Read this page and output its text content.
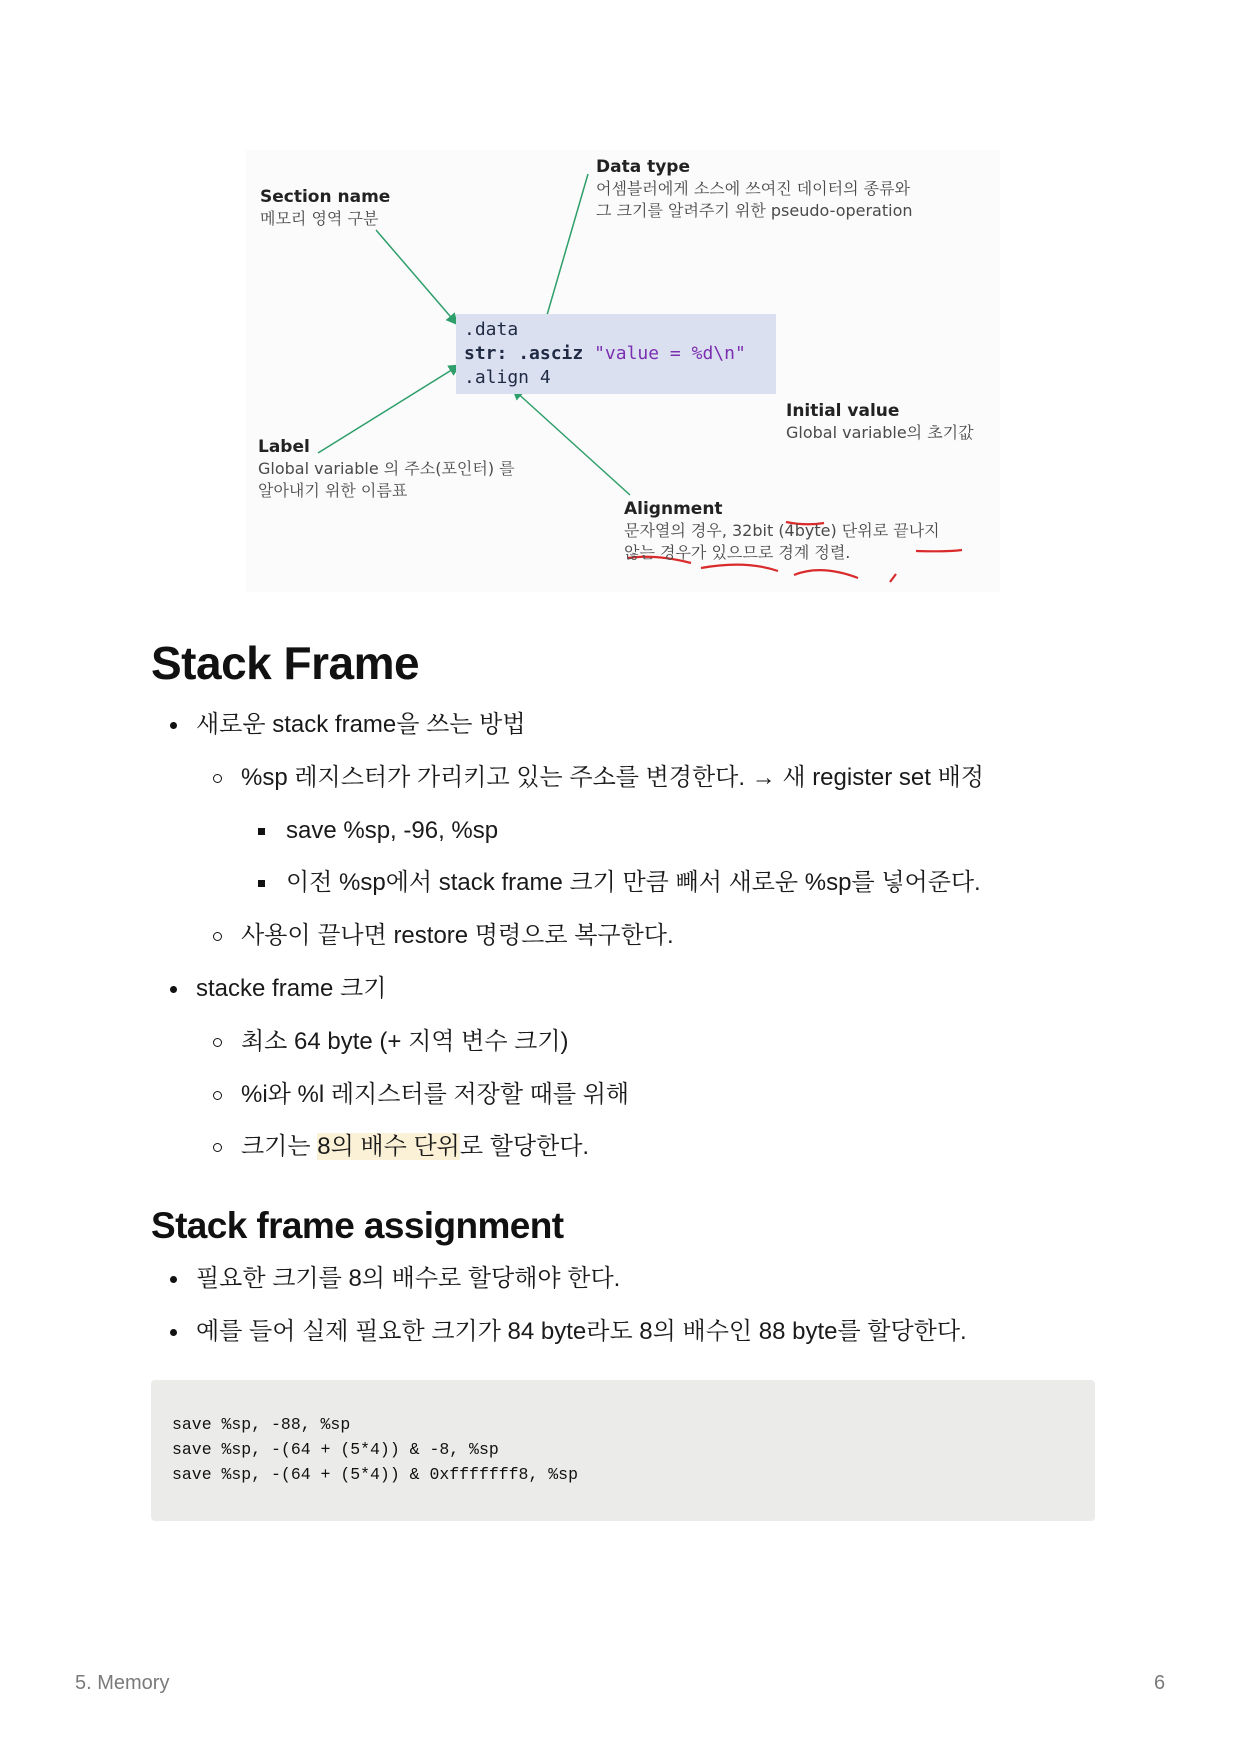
Section name
메모리 영역 구분
Data type
어셈블러에게 소스에 쓰여진 데이터의 종류와
그 크기를 알려주기 위한 pseudo-operation
.data
str: .asciz "value = %d\n"
.align 4
Initial value
Global variable의 초기값
Label
Global variable 의 주소(포인터) 를
알아내기 위한 이름표
Alignment
문자열의 경우, 32bit (4byte) 단위로 끝나지
않는 경우가 있으므로 경계 정렬.
Stack Frame
새로운 stack frame을 쓰는 방법
%sp 레지스터가 가리키고 있는 주소를 변경한다. → 새 register set 배정
save %sp, -96, %sp
이전 %sp에서 stack frame 크기 만큼 빼서 새로운 %sp를 넣어준다.
사용이 끝나면 restore 명령으로 복구한다.
stacke frame 크기
최소 64 byte (+ 지역 변수 크기)
%i와 %l 레지스터를 저장할 때를 위해
크기는 8의 배수 단위로 할당한다.
Stack frame assignment
필요한 크기를 8의 배수로 할당해야 한다.
예를 들어 실제 필요한 크기가 84 byte라도 8의 배수인 88 byte를 할당한다.
save %sp, -88, %sp
save %sp, -(64 + (5*4)) & -8, %sp
save %sp, -(64 + (5*4)) & 0xfffffff8, %sp
5. Memory	6
